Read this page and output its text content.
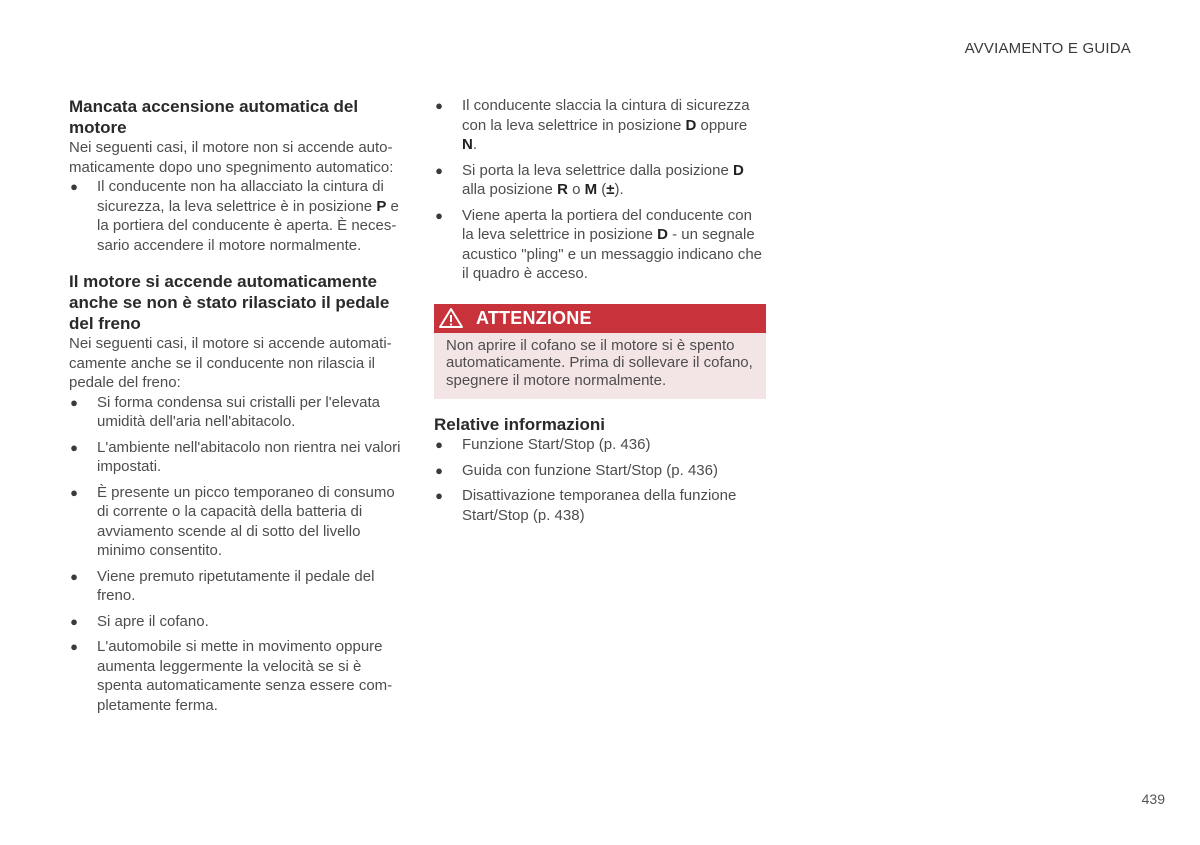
AVVIAMENTO E GUIDA
Mancata accensione automatica del motore

Nei seguenti casi, il motore non si accende auto-maticamente dopo uno spegnimento automatico:

● Il conducente non ha allacciato la cintura di sicurezza, la leva selettrice è in posizione P e la portiera del conducente è aperta. È neces-sario accendere il motore normalmente.
Il motore si accende automaticamente anche se non è stato rilasciato il pedale del freno

Nei seguenti casi, il motore si accende automati-camente anche se il conducente non rilascia il pedale del freno:

● Si forma condensa sui cristalli per l'elevata umidità dell'aria nell'abitacolo.
● L'ambiente nell'abitacolo non rientra nei valori impostati.
● È presente un picco temporaneo di consumo di corrente o la capacità della batteria di avviamento scende al di sotto del livello minimo consentito.
● Viene premuto ripetutamente il pedale del freno.
● Si apre il cofano.
● L'automobile si mette in movimento oppure aumenta leggermente la velocità se si è spenta automaticamente senza essere com-pletamente ferma.
● Il conducente slaccia la cintura di sicurezza con la leva selettrice in posizione D oppure N.
● Si porta la leva selettrice dalla posizione D alla posizione R o M (±).
● Viene aperta la portiera del conducente con la leva selettrice in posizione D - un segnale acustico "pling" e un messaggio indicano che il quadro è acceso.
ATTENZIONE
Non aprire il cofano se il motore si è spento automaticamente. Prima di sollevare il cofano, spegnere il motore normalmente.
Relative informazioni
● Funzione Start/Stop (p. 436)
● Guida con funzione Start/Stop (p. 436)
● Disattivazione temporanea della funzione Start/Stop (p. 438)
439
